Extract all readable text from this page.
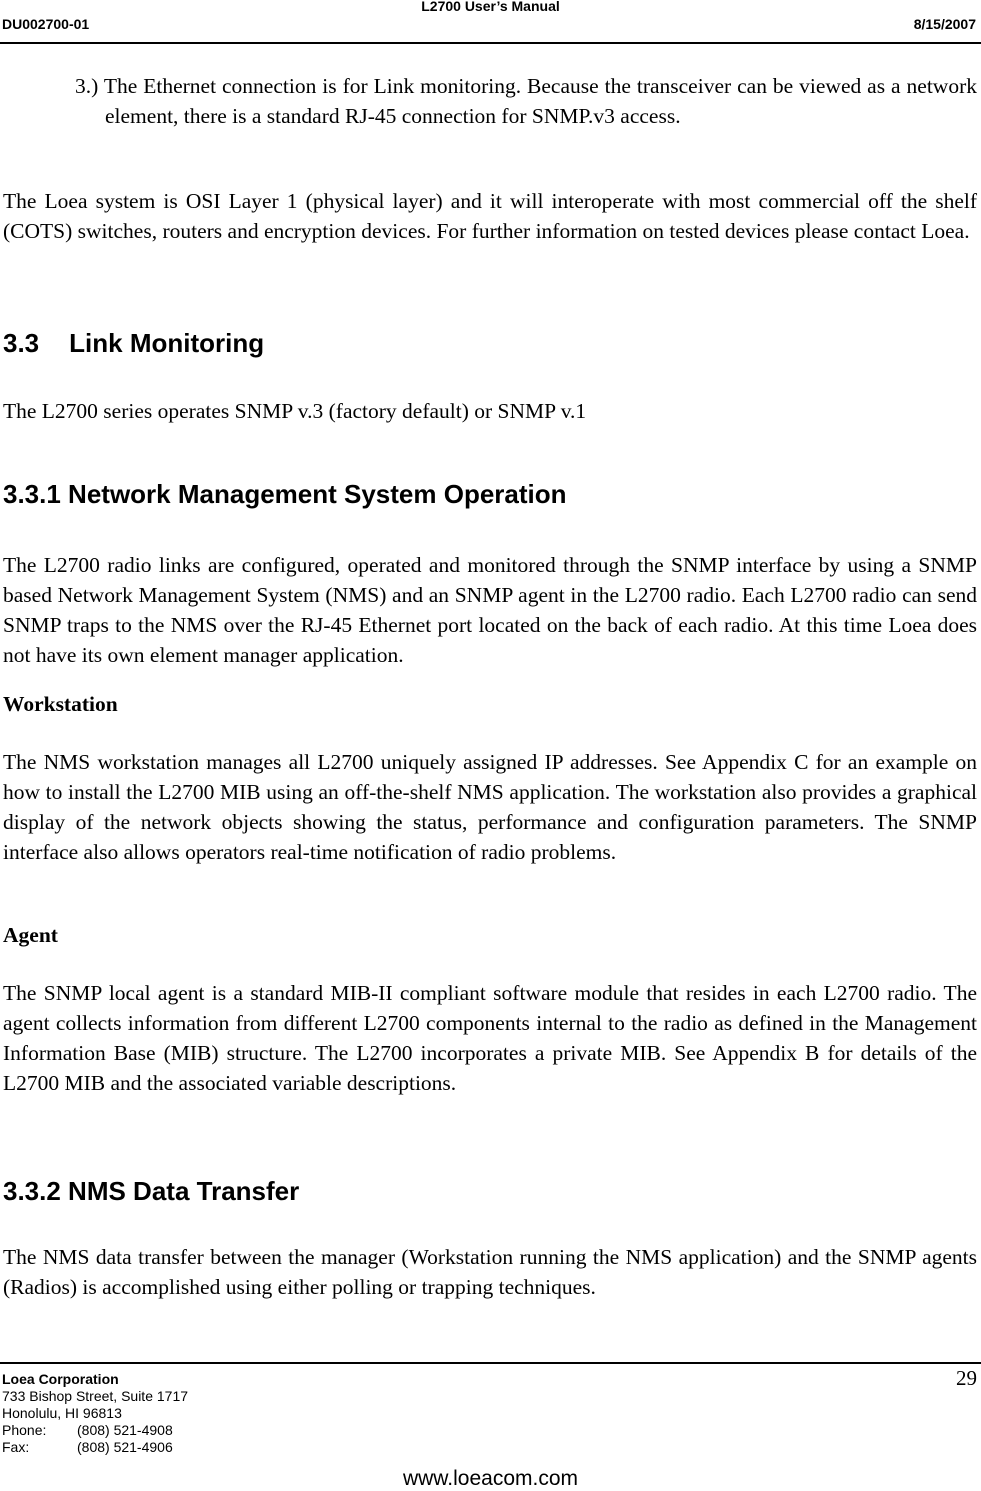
L2700 User’s Manual
DU002700-01	8/15/2007
3.) The Ethernet connection is for Link monitoring. Because the transceiver can be viewed as a network element, there is a standard RJ-45 connection for SNMP.v3 access.
The Loea system is OSI Layer 1 (physical layer) and it will interoperate with most commercial off the shelf (COTS) switches, routers and encryption devices. For further information on tested devices please contact Loea.
3.3 Link Monitoring
The L2700 series operates SNMP v.3 (factory default) or SNMP v.1
3.3.1 Network Management System Operation
The L2700 radio links are configured, operated and monitored through the SNMP interface by using a SNMP based Network Management System (NMS) and an SNMP agent in the L2700 radio. Each L2700 radio can send SNMP traps to the NMS over the RJ-45 Ethernet port located on the back of each radio. At this time Loea does not have its own element manager application.
Workstation
The NMS workstation manages all L2700 uniquely assigned IP addresses. See Appendix C for an example on how to install the L2700 MIB using an off-the-shelf NMS application. The workstation also provides a graphical display of the network objects showing the status, performance and configuration parameters. The SNMP interface also allows operators real-time notification of radio problems.
Agent
The SNMP local agent is a standard MIB-II compliant software module that resides in each L2700 radio. The agent collects information from different L2700 components internal to the radio as defined in the Management Information Base (MIB) structure. The L2700 incorporates a private MIB. See Appendix B for details of the L2700 MIB and the associated variable descriptions.
3.3.2 NMS Data Transfer
The NMS data transfer between the manager (Workstation running the NMS application) and the SNMP agents (Radios) is accomplished using either polling or trapping techniques.
Loea Corporation
733 Bishop Street, Suite 1717
Honolulu, HI 96813
Phone: (808) 521-4908
Fax:	(808) 521-4906
29
www.loeacom.com
